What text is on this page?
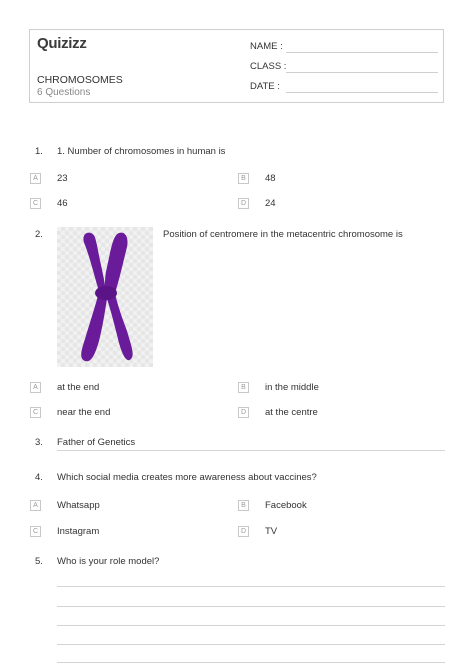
Quizizz
CHROMOSOMES
6 Questions
NAME :
CLASS :
DATE :
1. 1. Number of chromosomes in human is
A	23	B	48
C	46	D	24
2.	Position of centromere in the metacentric chromosome is
A	at the end	B	in the middle
C	near the end	D	at the centre
3. Father of Genetics
4. Which social media creates more awareness about vaccines?
A	Whatsapp	B	Facebook
C	Instagram	D	TV
5. Who is your role model?
